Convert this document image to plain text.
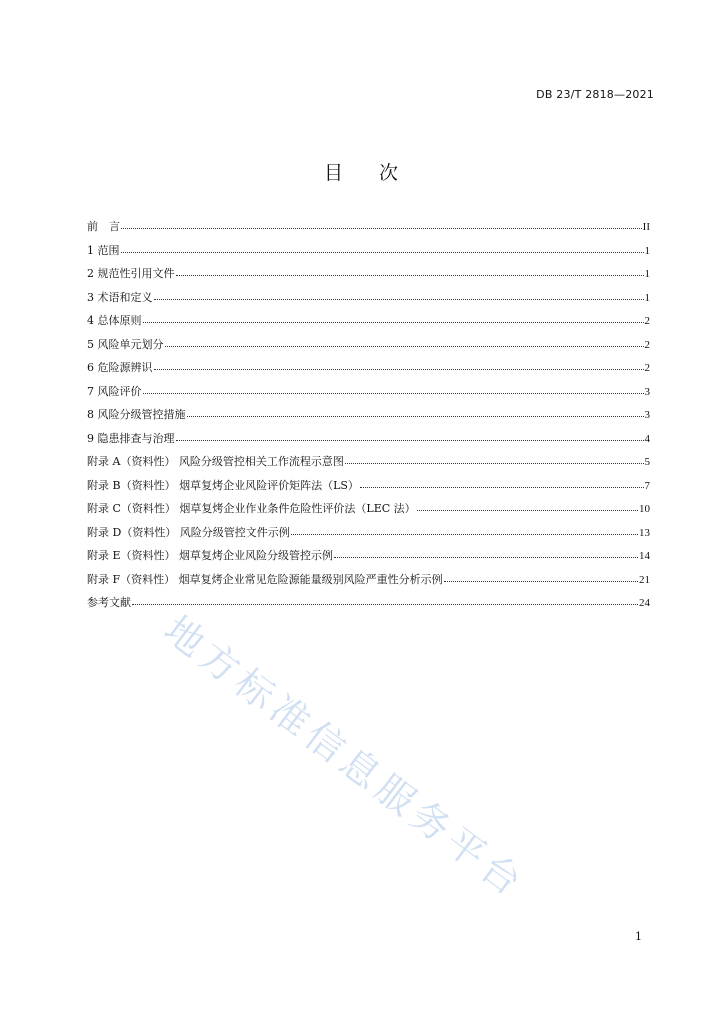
DB 23/T 2818—2021
目 次
前　言	II
1 范围	1
2 规范性引用文件	1
3 术语和定义	1
4 总体原则	2
5 风险单元划分	2
6 危险源辨识	2
7 风险评价	3
8 风险分级管控措施	3
9 隐患排查与治理	4
附录 A（资料性） 风险分级管控相关工作流程示意图	5
附录 B（资料性） 烟草复烤企业风险评价矩阵法（LS）	7
附录 C（资料性） 烟草复烤企业作业条件危险性评价法（LEC 法）	10
附录 D（资料性） 风险分级管控文件示例	13
附录 E（资料性） 烟草复烤企业风险分级管控示例	14
附录 F（资料性） 烟草复烤企业常见危险源能量级别风险严重性分析示例	21
参考文献	24
地方标准信息服务平台
1
